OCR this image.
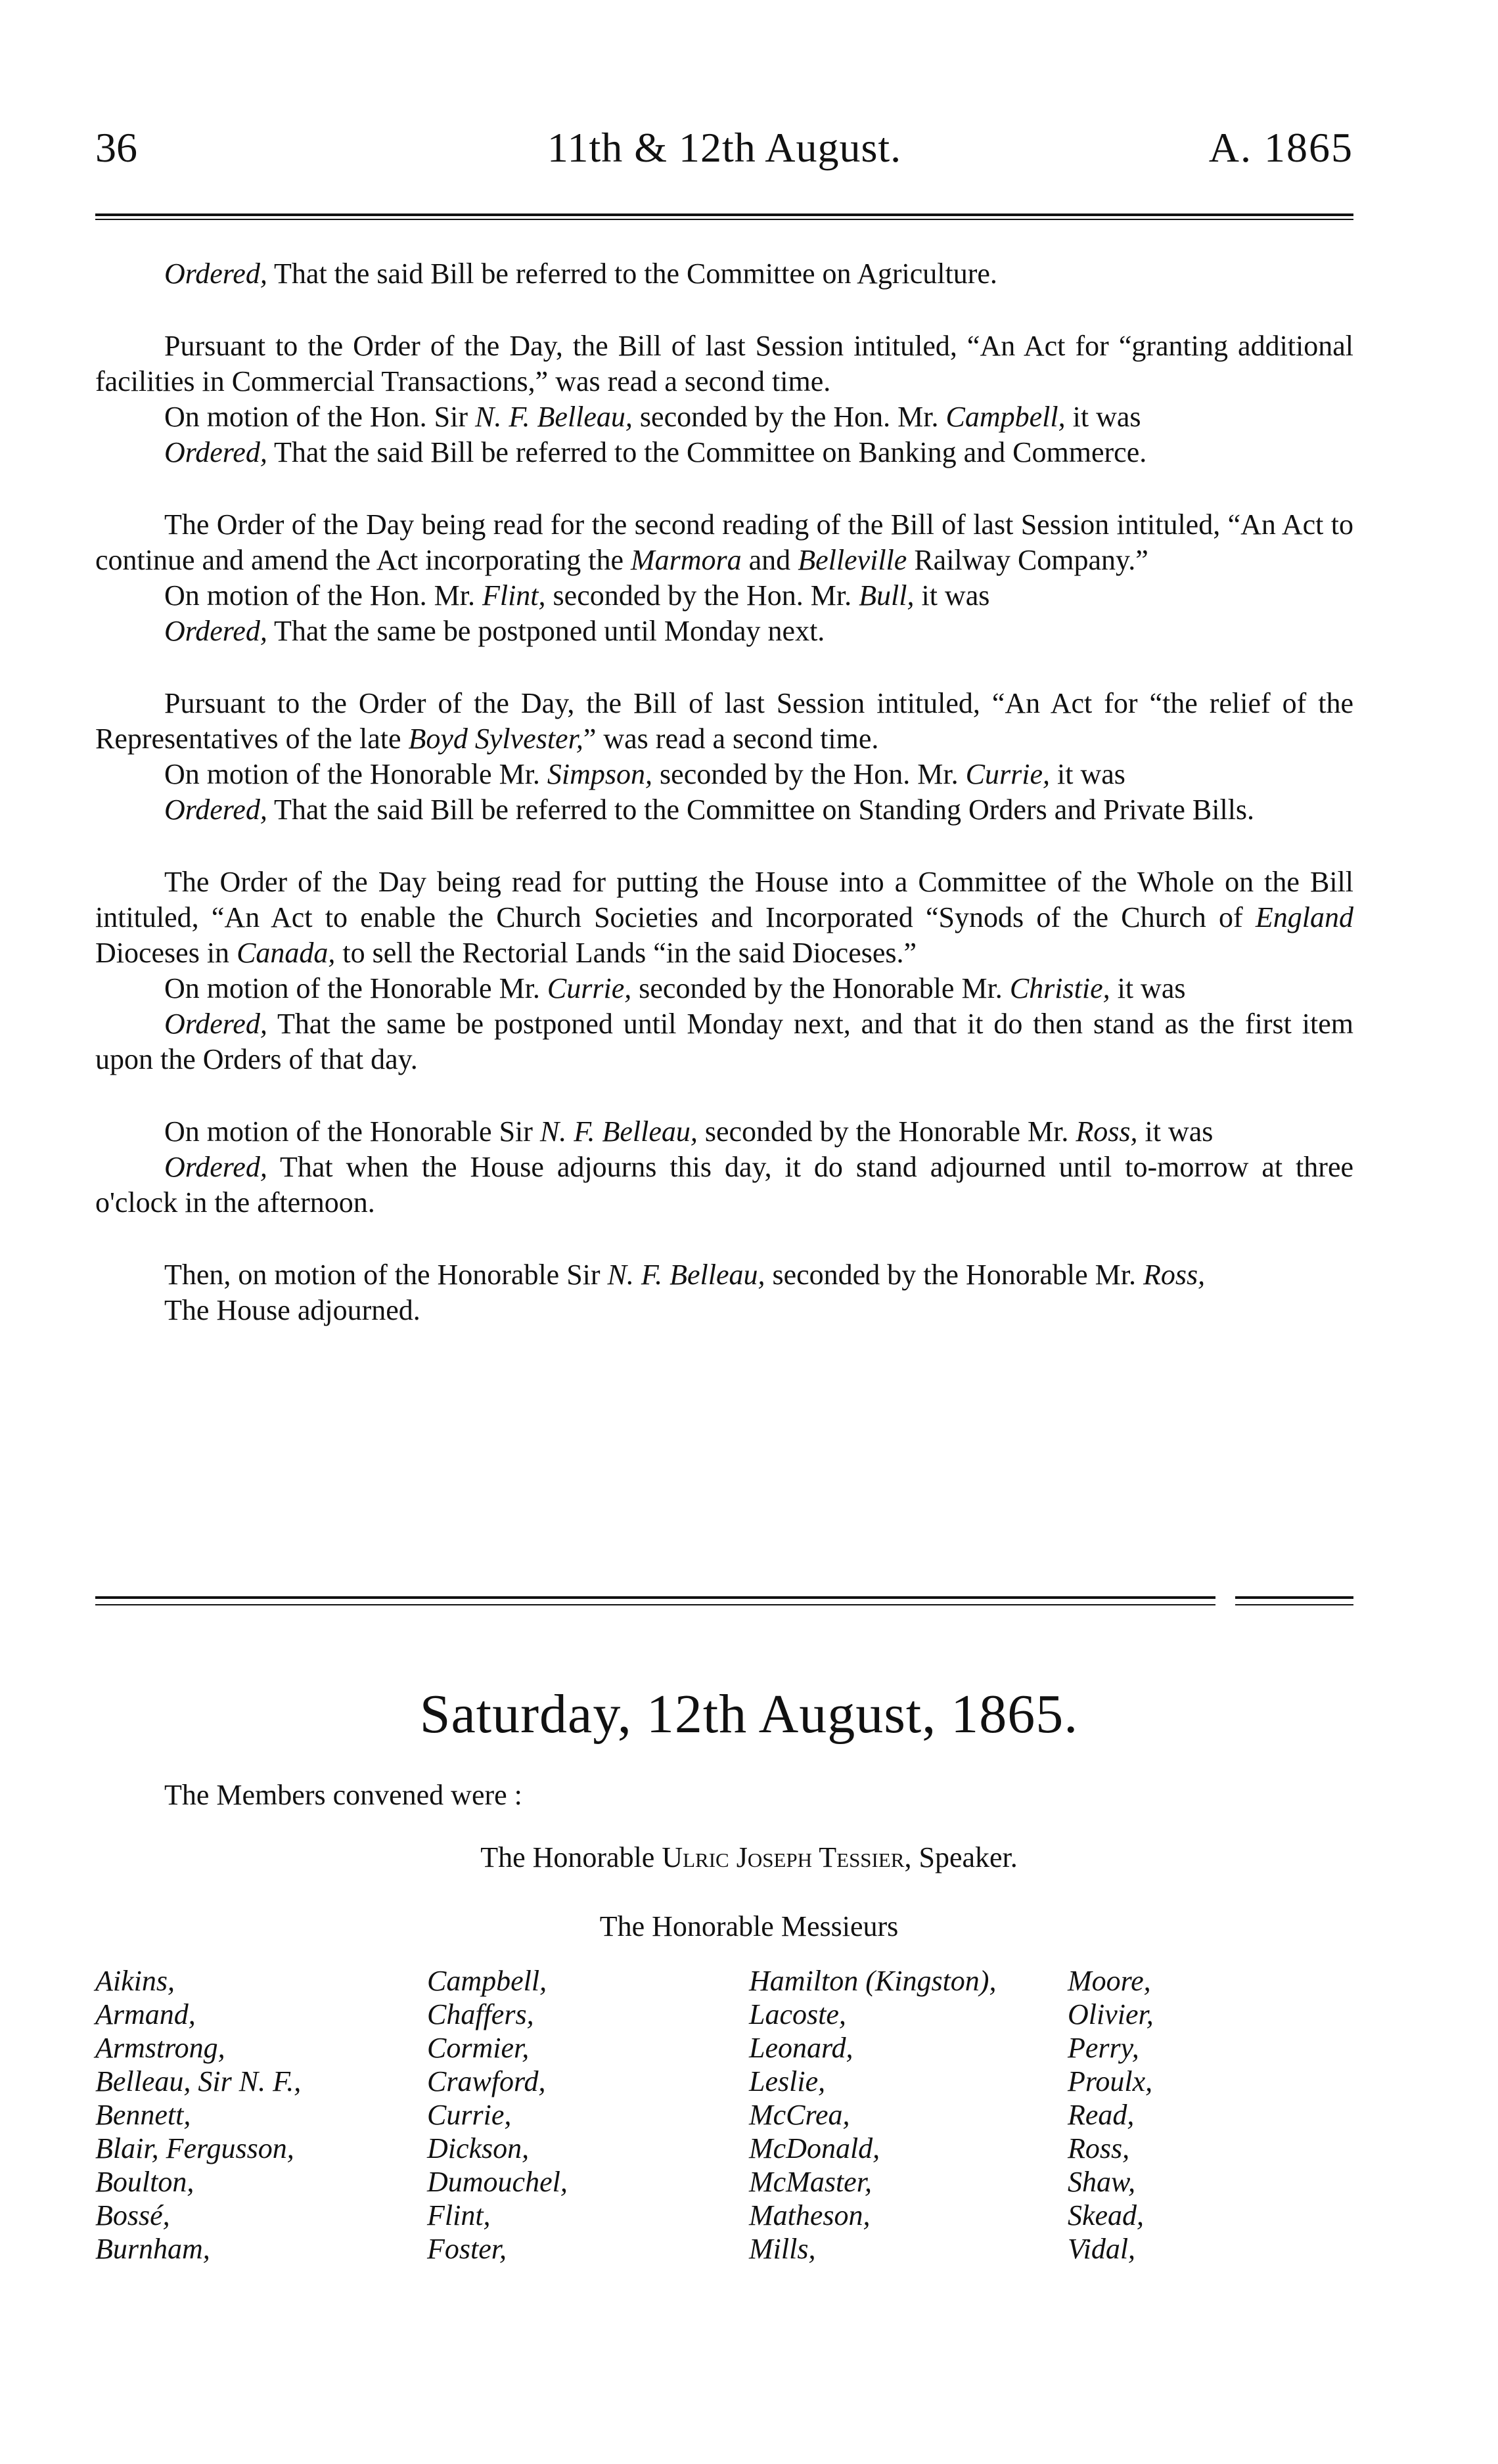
36	11th & 12th August.	A. 1865

Ordered, That the said Bill be referred to the Committee on Agriculture.

Pursuant to the Order of the Day, the Bill of last Session intituled, “An Act for “granting additional facilities in Commercial Transactions,” was read a second time.

On motion of the Hon. Sir N. F. Belleau, seconded by the Hon. Mr. Campbell, it was

Ordered, That the said Bill be referred to the Committee on Banking and Commerce.

The Order of the Day being read for the second reading of the Bill of last Session intituled, “An Act to continue and amend the Act incorporating the Marmora and Belleville Railway Company.”

On motion of the Hon. Mr. Flint, seconded by the Hon. Mr. Bull, it was

Ordered, That the same be postponed until Monday next.

Pursuant to the Order of the Day, the Bill of last Session intituled, “An Act for “the relief of the Representatives of the late Boyd Sylvester,” was read a second time.

On motion of the Honorable Mr. Simpson, seconded by the Hon. Mr. Currie, it was

Ordered, That the said Bill be referred to the Committee on Standing Orders and Private Bills.

The Order of the Day being read for putting the House into a Committee of the Whole on the Bill intituled, “An Act to enable the Church Societies and Incorporated “Synods of the Church of England Dioceses in Canada, to sell the Rectorial Lands “in the said Dioceses.”

On motion of the Honorable Mr. Currie, seconded by the Honorable Mr. Christie, it was

Ordered, That the same be postponed until Monday next, and that it do then stand as the first item upon the Orders of that day.

On motion of the Honorable Sir N. F. Belleau, seconded by the Honorable Mr. Ross, it was

Ordered, That when the House adjourns this day, it do stand adjourned until to-morrow at three o'clock in the afternoon.

Then, on motion of the Honorable Sir N. F. Belleau, seconded by the Honorable Mr. Ross,

The House adjourned.

Saturday, 12th August, 1865.
The Members convened were :
The Honorable Ulric Joseph Tessier, Speaker.
The Honorable Messieurs
Aikins,
Armand,
Armstrong,
Belleau, Sir N. F.,
Bennett,
Blair, Fergusson,
Boulton,
Bossé,
Burnham,
Campbell,
Chaffers,
Cormier,
Crawford,
Currie,
Dickson,
Dumouchel,
Flint,
Foster,
Hamilton (Kingston),
Lacoste,
Leonard,
Leslie,
McCrea,
McDonald,
McMaster,
Matheson,
Mills,
Moore,
Olivier,
Perry,
Proulx,
Read,
Ross,
Shaw,
Skead,
Vidal,
